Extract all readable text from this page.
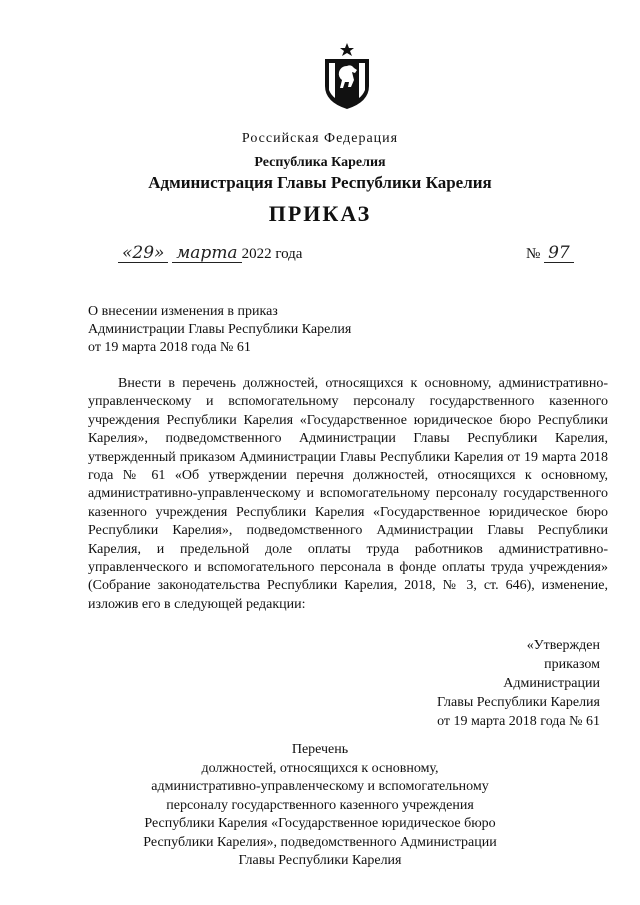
Российская Федерация
Республика Карелия
Администрация Главы Республики Карелия
ПРИКАЗ
«29» марта 2022 года	№ 97
О внесении изменения в приказ
Администрации Главы Республики Карелия
от 19 марта 2018 года № 61
Внести в перечень должностей, относящихся к основному, административно-управленческому и вспомогательному персоналу государственного казенного учреждения Республики Карелия «Государственное юридическое бюро Республики Карелия», подведомственного Администрации Главы Республики Карелия, утвержденный приказом Администрации Главы Республики Карелия от 19 марта 2018 года № 61 «Об утверждении перечня должностей, относящихся к основному, административно-управленческому и вспомогательному персоналу государственного казенного учреждения Республики Карелия «Государственное юридическое бюро Республики Карелия», подведомственного Администрации Главы Республики Карелия, и предельной доле оплаты труда работников административно-управленческого и вспомогательного персонала в фонде оплаты труда учреждения» (Собрание законодательства Республики Карелия, 2018, № 3, ст. 646), изменение, изложив его в следующей редакции:
«Утвержден
приказом
Администрации
Главы Республики Карелия
от 19 марта 2018 года № 61
Перечень
должностей, относящихся к основному,
административно-управленческому и вспомогательному
персоналу государственного казенного учреждения
Республики Карелия «Государственное юридическое бюро
Республики Карелия», подведомственного Администрации
Главы Республики Карелия
